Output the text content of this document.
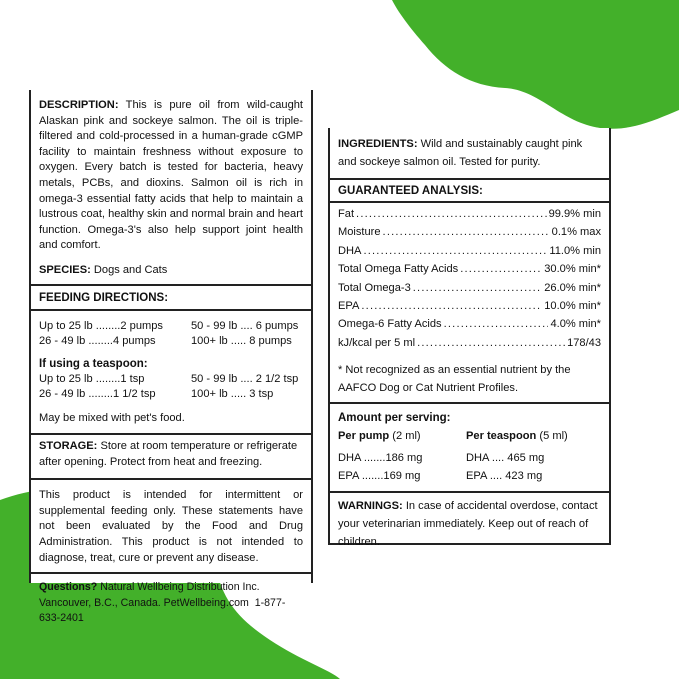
DESCRIPTION: This is pure oil from wild-caught Alaskan pink and sockeye salmon. The oil is triple-filtered and cold-processed in a human-grade cGMP facility to maintain freshness without exposure to oxygen. Every batch is tested for bacteria, heavy metals, PCBs, and dioxins. Salmon oil is rich in omega-3 essential fatty acids that help to maintain a lustrous coat, healthy skin and normal brain and heart function. Omega-3's also help support joint health and comfort.

SPECIES: Dogs and Cats

FEEDING DIRECTIONS:
Up to 25 lb ........2 pumps	50 - 99 lb .... 6 pumps
26 - 49 lb ........4 pumps	100+ lb ..... 8 pumps
If using a teaspoon:
Up to 25 lb ........1 tsp	50 - 99 lb .... 2 1/2 tsp
26 - 49 lb ........1 1/2 tsp	100+ lb ..... 3 tsp

May be mixed with pet's food.

STORAGE: Store at room temperature or refrigerate after opening. Protect from heat and freezing.

This product is intended for intermittent or supplemental feeding only. These statements have not been evaluated by the Food and Drug Administration. This product is not intended to diagnose, treat, cure or prevent any disease.

Questions? Natural Wellbeing Distribution Inc. Vancouver, B.C., Canada. PetWellbeing.com 1-877-633-2401

INGREDIENTS: Wild and sustainably caught pink and sockeye salmon oil. Tested for purity.

GUARANTEED ANALYSIS:
Fat .....	99.9% min
Moisture .....	0.1% max
DHA .....	11.0% min
Total Omega Fatty Acids .....	30.0% min*
Total Omega-3 .....	26.0% min*
EPA .....	10.0% min*
Omega-6 Fatty Acids .....	4.0% min*
kJ/kcal per 5 ml .....	178/43

* Not recognized as an essential nutrient by the AAFCO Dog or Cat Nutrient Profiles.

Amount per serving:
Per pump (2 ml)	Per teaspoon (5 ml)
DHA .......186 mg	DHA .... 465 mg
EPA .......169 mg	EPA .... 423 mg

WARNINGS: In case of accidental overdose, contact your veterinarian immediately. Keep out of reach of children.
